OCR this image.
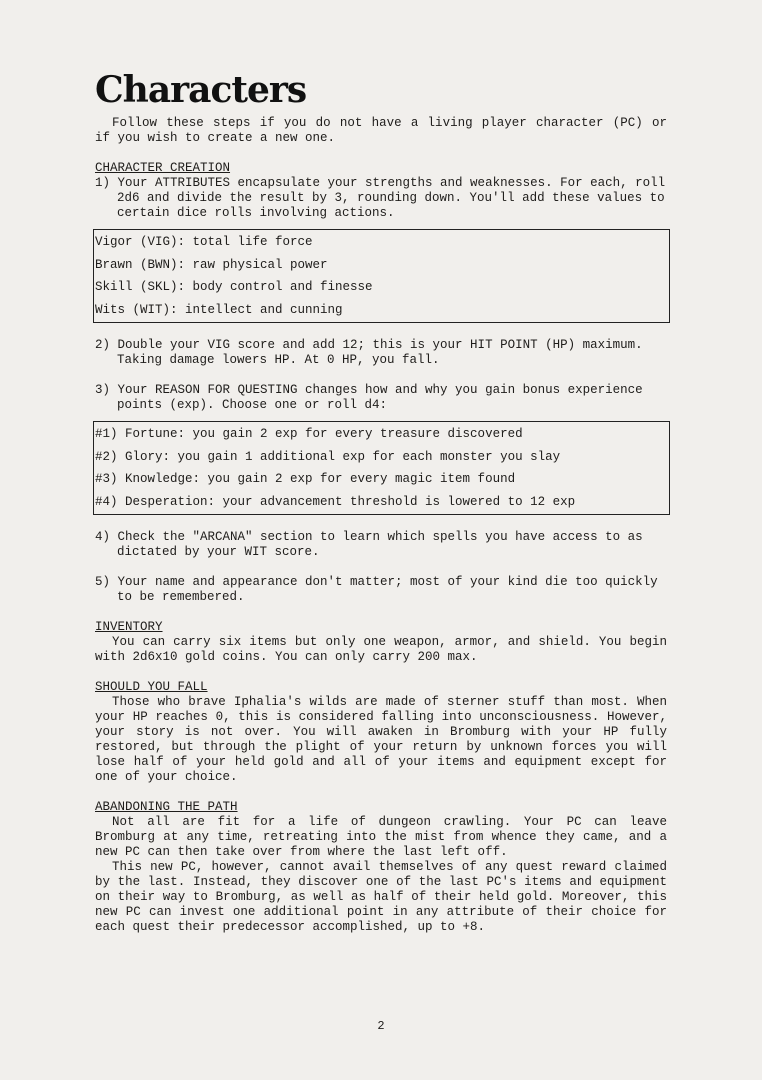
Characters

Follow these steps if you do not have a living player character (PC) or if you wish to create a new one.

CHARACTER CREATION

1) Your ATTRIBUTES encapsulate your strengths and weaknesses. For each, roll 2d6 and divide the result by 3, rounding down. You'll add these values to certain dice rolls involving actions.

Vigor (VIG): total life force
Brawn (BWN): raw physical power
Skill (SKL): body control and finesse
Wits (WIT): intellect and cunning

2) Double your VIG score and add 12; this is your HIT POINT (HP) maximum. Taking damage lowers HP. At 0 HP, you fall.

3) Your REASON FOR QUESTING changes how and why you gain bonus experience points (exp). Choose one or roll d4:

#1) Fortune: you gain 2 exp for every treasure discovered
#2) Glory: you gain 1 additional exp for each monster you slay
#3) Knowledge: you gain 2 exp for every magic item found
#4) Desperation: your advancement threshold is lowered to 12 exp

4) Check the "ARCANA" section to learn which spells you have access to as dictated by your WIT score.

5) Your name and appearance don't matter; most of your kind die too quickly to be remembered.

INVENTORY

You can carry six items but only one weapon, armor, and shield. You begin with 2d6x10 gold coins. You can only carry 200 max.

SHOULD YOU FALL

Those who brave Iphalia's wilds are made of sterner stuff than most. When your HP reaches 0, this is considered falling into unconsciousness. However, your story is not over. You will awaken in Bromburg with your HP fully restored, but through the plight of your return by unknown forces you will lose half of your held gold and all of your items and equipment except for one of your choice.

ABANDONING THE PATH

Not all are fit for a life of dungeon crawling. Your PC can leave Bromburg at any time, retreating into the mist from whence they came, and a new PC can then take over from where the last left off.

This new PC, however, cannot avail themselves of any quest reward claimed by the last. Instead, they discover one of the last PC's items and equipment on their way to Bromburg, as well as half of their held gold. Moreover, this new PC can invest one additional point in any attribute of their choice for each quest their predecessor accomplished, up to +8.

2
